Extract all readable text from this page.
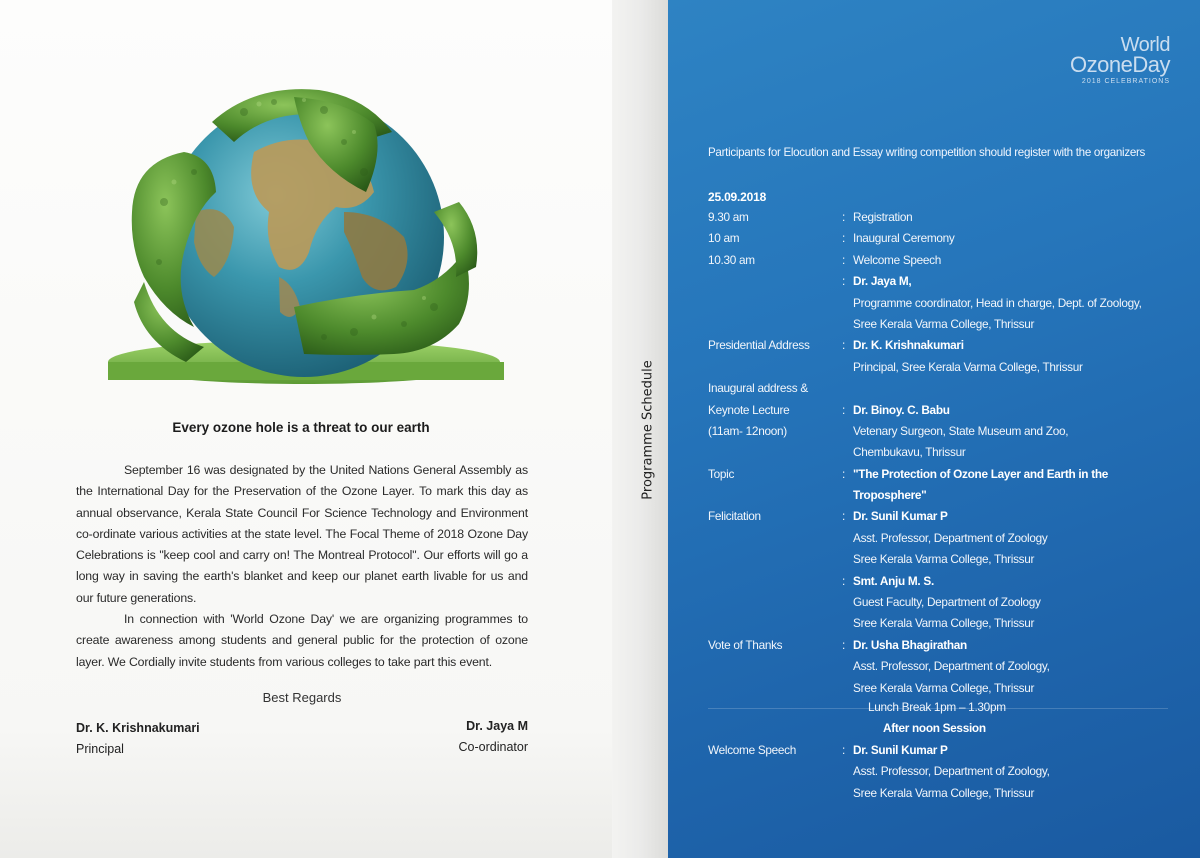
Every ozone hole is a threat to our earth

September 16 was designated by the United Nations General Assembly as the International Day for the Preservation of the Ozone Layer. To mark this day as annual observance, Kerala State Council For Science Technology and Environment co-ordinate various activities at the state level. The Focal Theme of 2018 Ozone Day Celebrations is "keep cool and carry on! The Montreal Protocol". Our efforts will go a long way in saving the earth's blanket and keep our planet earth livable for us and our future generations.

In connection with 'World Ozone Day' we are organizing programmes to create awareness among students and general public for the protection of ozone layer. We Cordially invite students from various colleges to take part this event.

Best Regards
Dr. K. Krishnakumari
Principal
Dr. Jaya M
Co-ordinator
Programme Schedule
World
OzoneDay
2018 CELEBRATIONS
Participants for Elocution and Essay writing competition should register with the organizers
25.09.2018
9.30 am	: Registration
10 am	: Inaugural Ceremony
10.30 am	: Welcome Speech
: Dr. Jaya M,
Programme coordinator, Head in charge, Dept. of Zoology,
Sree Kerala Varma College, Thrissur
Presidential Address	: Dr. K. Krishnakumari
Principal, Sree Kerala Varma College, Thrissur
Inaugural address &
Keynote Lecture	: Dr. Binoy. C. Babu
(11am- 12noon)	Vetenary Surgeon, State Museum and Zoo,
Chembukavu, Thrissur
Topic	: "The Protection of Ozone Layer and Earth in the
Troposphere"
Felicitation	: Dr. Sunil Kumar P
Asst. Professor, Department of Zoology
Sree Kerala Varma College, Thrissur
: Smt. Anju M. S.
Guest Faculty, Department of Zoology
Sree Kerala Varma College, Thrissur
Vote of Thanks	: Dr. Usha Bhagirathan
Asst. Professor, Department of Zoology,
Sree Kerala Varma College, Thrissur
Lunch Break 1pm – 1.30pm
After noon Session
Welcome Speech	: Dr. Sunil Kumar P
Asst. Professor, Department of Zoology,
Sree Kerala Varma College, Thrissur
